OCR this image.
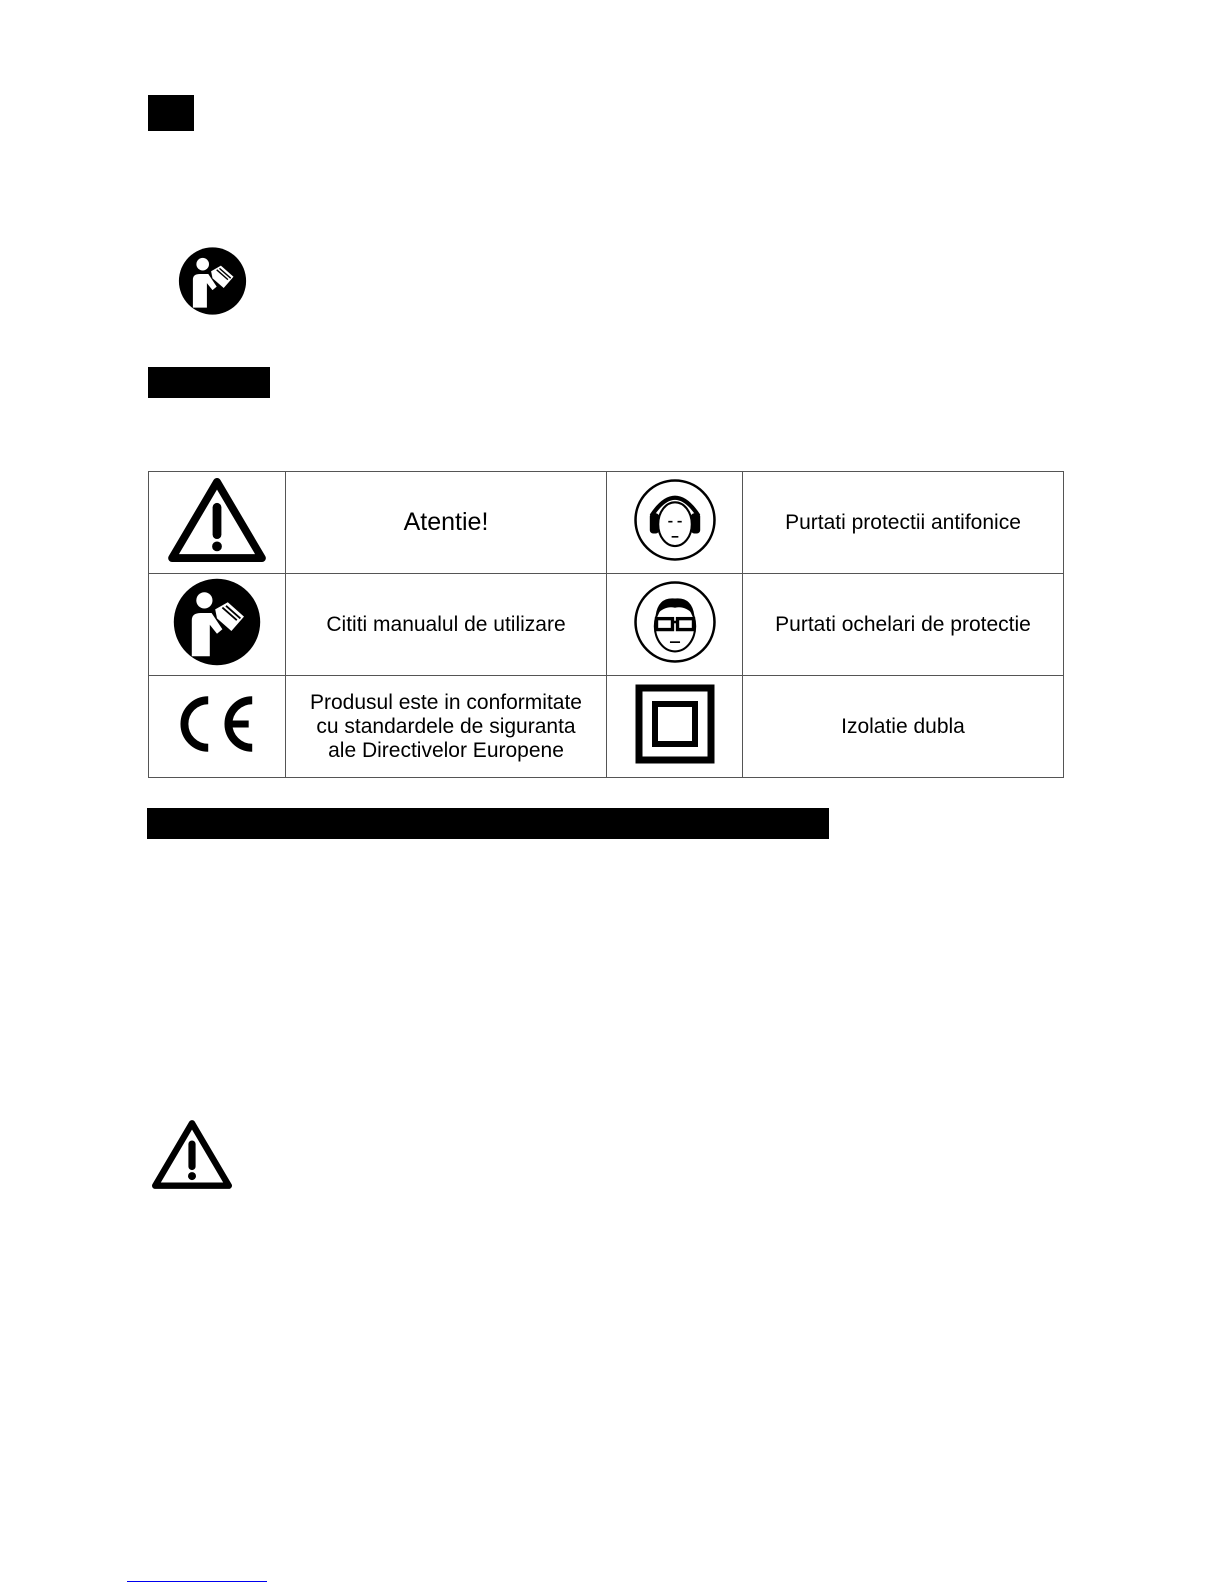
	Atentie!		Purtati protectii antifonice
	Cititi manualul de utilizare		Purtati ochelari de protectie
	Produsul este in conformitate
cu standardele de siguranta
ale Directivelor Europene		Izolatie dubla
